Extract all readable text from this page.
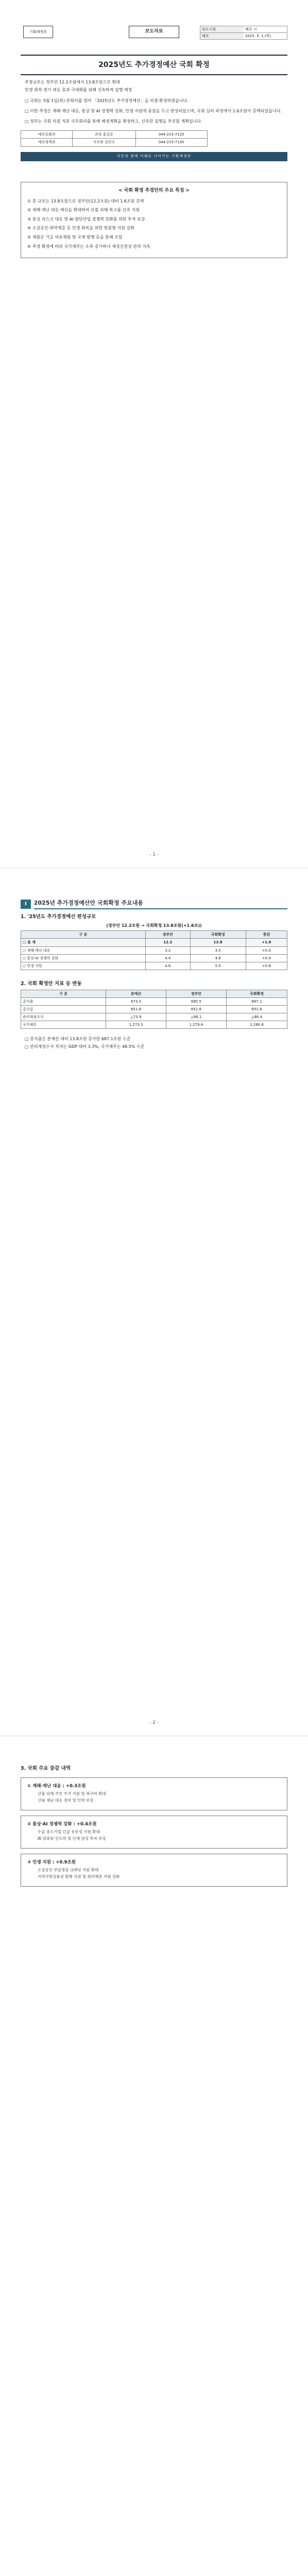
기획재정부	보도자료	보도시점	배포 시
배포	2025. 5. 1.(목)
2025년도 추가경정예산 국회 확정
추경규모는 정부안 12.2조원에서 13.8조원으로 확대
민생 회복·경기 대응 효과 극대화를 위해 신속하게 집행 예정

□ 국회는 5월 1일(목) 본회의를 열어 「2025년도 추가경정예산」을 의결·확정하였습니다.

□ 이번 추경은 재해·재난 대응, 통상 및 AI 경쟁력 강화, 민생 지원에 중점을 두고 편성되었으며, 국회 심의 과정에서 1.6조원이 증액되었습니다.

□ 정부는 국회 의결 직후 국무회의를 통해 배정계획을 확정하고, 신속한 집행을 추진할 계획입니다.

예산총괄과	과장 홍길동	044-215-7110
예산정책과	사무관 김민수	044-215-7130
국민과 함께 미래로 나아가는 기획재정부
< 국회 확정 추경안의 주요 특징 >
① 총 규모는 13.8조원으로 정부안(12.2조원) 대비 1.6조원 증액
② 재해·재난 대응 예산을 확대하여 산불 피해 복구를 신속 지원
③ 통상 리스크 대응 및 AI·첨단산업 경쟁력 강화를 위한 투자 보강
④ 소상공인·취약계층 등 민생 회복을 위한 맞춤형 지원 강화
⑤ 재원은 기금 여유재원 및 국채 발행 등을 통해 조달
⑥ 추경 확정에 따라 국가채무는 소폭 증가하나 재정건전성 관리 지속
- 1 -
Ⅰ	2025년 추가경정예산안 국회확정 주요내용
1. '25년도 추가경정예산 편성규모
(정부안 12.2조원 → 국회확정 13.8조원(+1.6조))
구 분	정부안	국회확정	증감
□ 총 계	12.2	13.8	+1.6
○ 재해·재난 대응	3.2	3.5	+0.3
○ 통상·AI 경쟁력 강화	4.4	4.8	+0.4
○ 민생 지원	4.6	5.5	+0.9
2. 국회 확정안 지표 등 변동
구 분	본예산	정부안	국회확정
총지출	673.3	685.5	687.1
총수입	651.8	651.8	651.8
관리재정수지	△73.9	△86.1	△86.4
국가채무	1,273.3	1,279.4	1,280.8
□ 총지출은 본예산 대비 13.8조원 증가한 687.1조원 수준
□ 관리재정수지 적자는 GDP 대비 3.3%, 국가채무는 48.5% 수준
- 2 -
3. 국회 주요 증감 내역
① 재해·재난 대응 : +0.3조원
산불 피해 주민 주거 지원 및 복구비 확대
산림 재난 대응 장비 및 인력 보강
② 통상·AI 경쟁력 강화 : +0.4조원
수출 중소기업 긴급 유동성 지원 확대
AI 컴퓨팅 인프라 및 인재 양성 투자 보강
③ 민생 지원 : +0.9조원
소상공인 부담경감 크레딧 지원 확대
지역사랑상품권 발행 지원 및 취약계층 지원 강화
